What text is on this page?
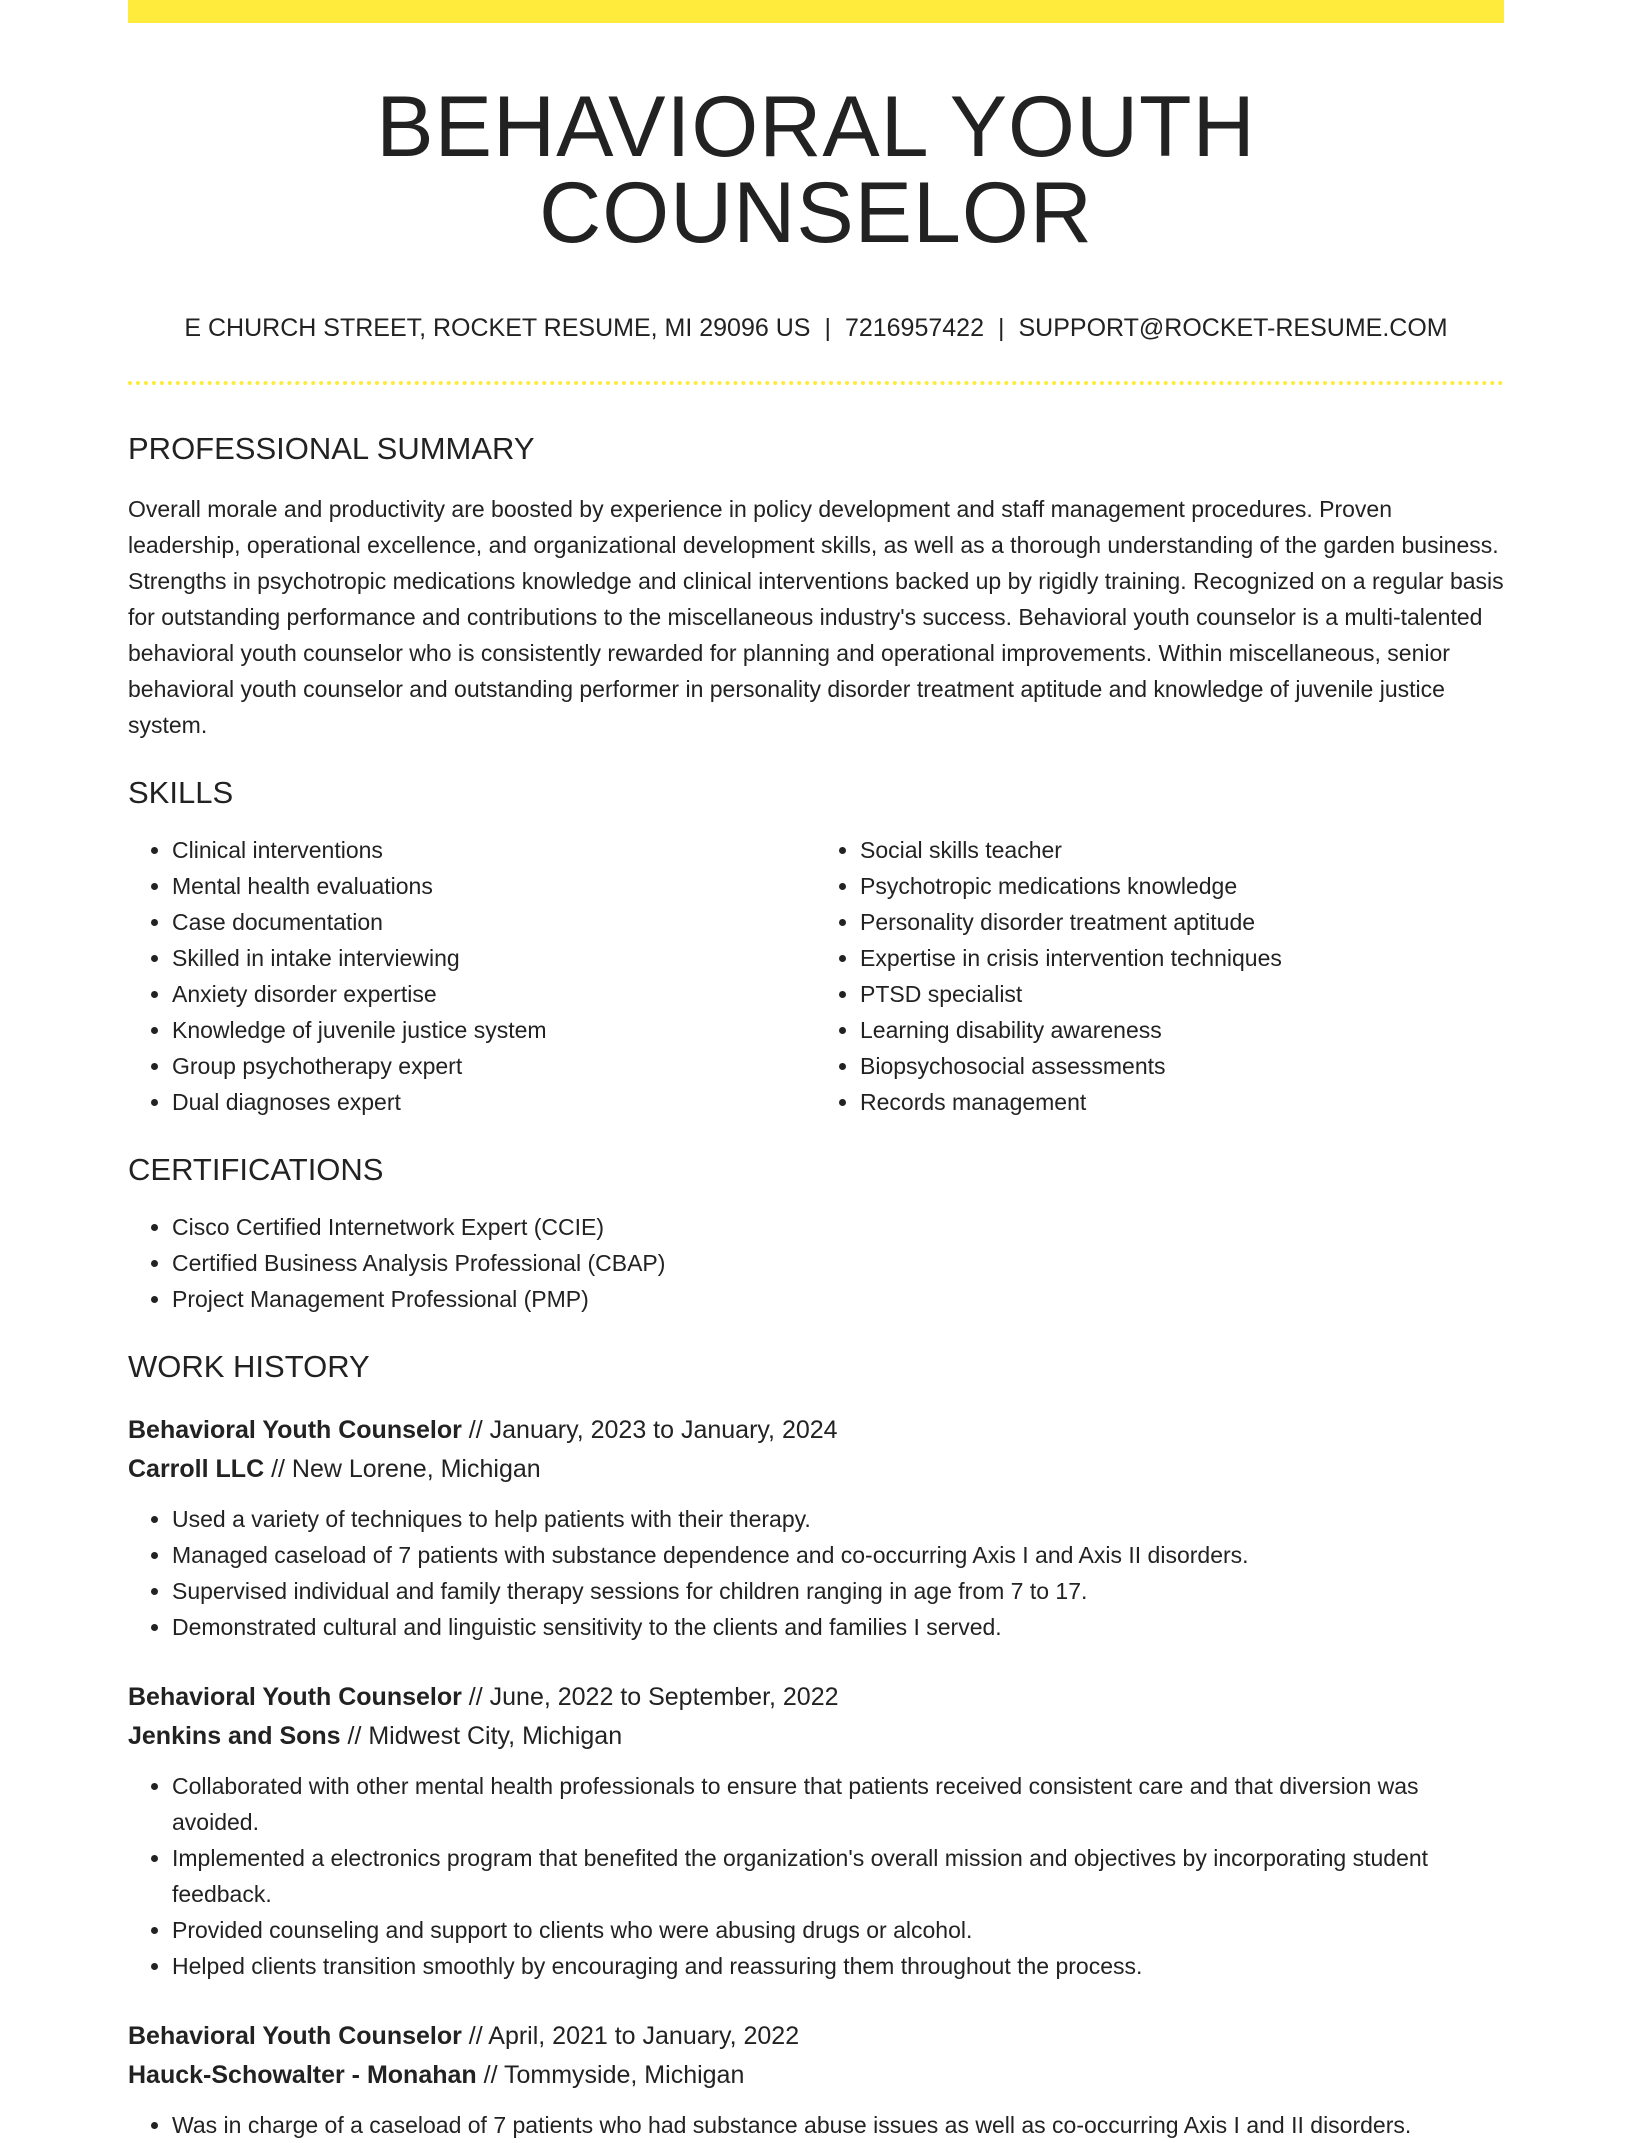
BEHAVIORAL YOUTH COUNSELOR
E CHURCH STREET, ROCKET RESUME, MI 29096 US | 7216957422 | SUPPORT@ROCKET-RESUME.COM
PROFESSIONAL SUMMARY
Overall morale and productivity are boosted by experience in policy development and staff management procedures. Proven leadership, operational excellence, and organizational development skills, as well as a thorough understanding of the garden business. Strengths in psychotropic medications knowledge and clinical interventions backed up by rigidly training. Recognized on a regular basis for outstanding performance and contributions to the miscellaneous industry's success. Behavioral youth counselor is a multi-talented behavioral youth counselor who is consistently rewarded for planning and operational improvements. Within miscellaneous, senior behavioral youth counselor and outstanding performer in personality disorder treatment aptitude and knowledge of juvenile justice system.
SKILLS
• Clinical interventions
• Mental health evaluations
• Case documentation
• Skilled in intake interviewing
• Anxiety disorder expertise
• Knowledge of juvenile justice system
• Group psychotherapy expert
• Dual diagnoses expert
• Social skills teacher
• Psychotropic medications knowledge
• Personality disorder treatment aptitude
• Expertise in crisis intervention techniques
• PTSD specialist
• Learning disability awareness
• Biopsychosocial assessments
• Records management
CERTIFICATIONS
• Cisco Certified Internetwork Expert (CCIE)
• Certified Business Analysis Professional (CBAP)
• Project Management Professional (PMP)
WORK HISTORY
Behavioral Youth Counselor // January, 2023 to January, 2024
Carroll LLC // New Lorene, Michigan
• Used a variety of techniques to help patients with their therapy.
• Managed caseload of 7 patients with substance dependence and co-occurring Axis I and Axis II disorders.
• Supervised individual and family therapy sessions for children ranging in age from 7 to 17.
• Demonstrated cultural and linguistic sensitivity to the clients and families I served.
Behavioral Youth Counselor // June, 2022 to September, 2022
Jenkins and Sons // Midwest City, Michigan
• Collaborated with other mental health professionals to ensure that patients received consistent care and that diversion was avoided.
• Implemented a electronics program that benefited the organization's overall mission and objectives by incorporating student feedback.
• Provided counseling and support to clients who were abusing drugs or alcohol.
• Helped clients transition smoothly by encouraging and reassuring them throughout the process.
Behavioral Youth Counselor // April, 2021 to January, 2022
Hauck-Schowalter - Monahan // Tommyside, Michigan
• Was in charge of a caseload of 7 patients who had substance abuse issues as well as co-occurring Axis I and II disorders.
